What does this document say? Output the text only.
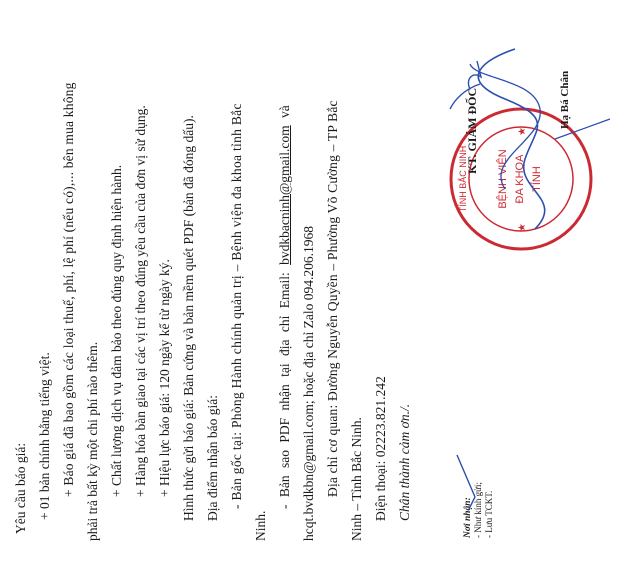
Yêu cầu báo giá: + 01 bản chính bằng tiếng việt. + Báo giá đã bao gồm các loại thuế, phí, lệ phí (nếu có),... bên mua không phải trả bất kỳ một chi phí nào thêm. + Chất lượng dịch vụ đảm bảo theo đúng quy định hiện hành. + Hàng hóa bàn giao tại các vị trí theo đúng yêu cầu của đơn vị sử dụng. + Hiệu lực báo giá: 120 ngày kể từ ngày ký. Hình thức gửi báo giá: Bản cứng và bản mềm quét PDF (bản đã đóng dấu). Địa điểm nhận báo giá: - Bản gốc tại: Phòng Hành chính quản trị – Bệnh viện đa khoa tỉnh Bắc
Ninh.
- Bản sao PDF nhận tại địa chỉ Email: bvdkbacninh@gmail.com và
hcqt.bvdkbn@gmail.com; hoặc địa chỉ Zalo 094.206.1968 Địa chỉ cơ quan: Đường Nguyễn Quyền – Phường Võ Cường – TP Bắc Ninh – Tỉnh Bắc Ninh. Điện thoại: 02223.821.242 Chân thành cảm ơn./.	Nơi nhận: - Như kính gửi; - Lưu TCKT.
BỆNH VIỆN ĐA KHOA TỈNH
TỈNH BẮC NINH
★
★
KT. GIÁM ĐỐC	Hạ Bá Chân
